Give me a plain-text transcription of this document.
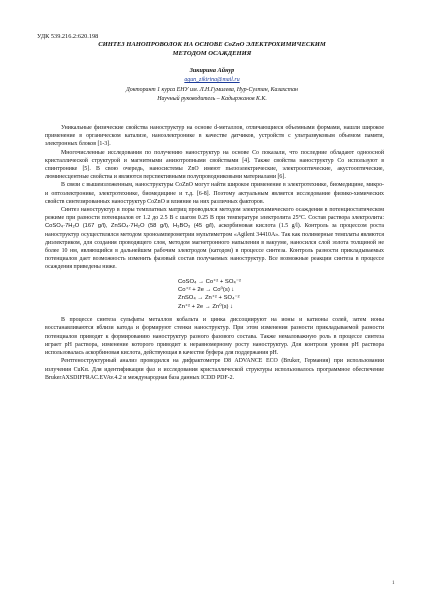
УДК 539.216.2:620.198
СИНТЕЗ НАНОПРОВОЛОК НА ОСНОВЕ CoZnO ЭЛЕКТРОХИМИЧЕСКИМ
МЕТОДОМ ОСАЖДЕНИЯ
Зикирина Айнур
agun_zikirina@mail.ru
Докторант 1 курса ЕНУ им. Л.Н.Гумилева, Нур-Султан, Казахстан
Научный руководитель – Кадыржанов К.К.

Уникальные физические свойства наноструктур на основе d-металлов, отличающиеся объемными формами, нашли широкое применение в органическом катализе, наноэлектронике в качестве датчиков, устройств с ультразвуковым объемом памяти, электронных блоков [1-3].

Многочисленные исследования по получению наноструктур на основе Co показали, что последние обладают одноосной кристаллической структурой и магнитными анизотропными свойствами [4]. Также свойства наноструктур Co используют в спинтронике [5]. В свою очередь, наносистемы ZnO имеют пьезоэлектрические, электрооптические, акустооптические, люминесцентные свойства и являются перспективными полупроводниковыми материалами [6].

В связи с вышеизложенным, наноструктуры CoZnO могут найти широкое применение в электротехнике, биомедицине, микро- и оптоэлектронике, электротехнике, биомедицине и т.д. [6-8]. Поэтому актуальным является исследование физико-химических свойств синтезированных наноструктур CoZnO и влияние на них различных факторов.

Синтез наноструктур в поры темплатных матриц проводился методом электрохимического осаждения в потенциостатическом режиме при разности потенциалов от 1.2 до 2.5 В с шагом 0.25 В при температуре электролита 25°С. Состав раствора электролита: CoSO₄·7H₂O (167 g/l), ZnSO₄·7H₂O (58 g/l), H₃BO₃ (45 g/l), аскорбиновая кислота (1.5 g/l). Контроль за процессом роста наноструктур осуществлялся методом хроноамперометрии мультиметром «Agilent 34410A». Так как полимерные темплаты являются диэлектриком, для создания проводящего слоя, методом магнетронного напыления в вакууме, наносился слой золота толщиной не более 10 нм, являющийся в дальнейшем рабочим электродом (катодом) в процессе синтеза. Контроль разности прикладываемых потенциалов дает возможность изменить фазовый состав получаемых наноструктур. Все возможные реакции синтеза в процессе осаждения приведены ниже.

CoSO₄ → Co⁺² + SO₄⁻²
Co⁺² + 2e → Co⁰(s) ↓
ZnSO₄ → Zn⁺² + SO₄⁻²
Zn⁺² + 2e → Zn⁰(s) ↓

В процессе синтеза сульфаты металлов кобальта и цинка диссоциируют на ионы и катионы солей, затем ионы восстанавливаются вблизи катода и формируют стенки наноструктур. При этом изменения разности прикладываемой разности потенциалов приводят к формированию наноструктур разного фазового состава. Также немаловажную роль в процессе синтеза играет pH раствора, изменение которого приводит к неравномерному росту наноструктур. Для контроля уровня pH раствора использовалась аскорбиновая кислота, действующая в качестве буфера для поддержания pH.

Рентгеноструктурный анализ проводился на дифрактометре D8 ADVANCE ECO (Bruker, Германия) при использовании излучения CuKα. Для идентификации фаз и исследования кристаллической структуры использовалось программное обеспечение BrukerAXSDIFFRAC.EVAv.4.2 и международная база данных ICDD PDF-2.

1
